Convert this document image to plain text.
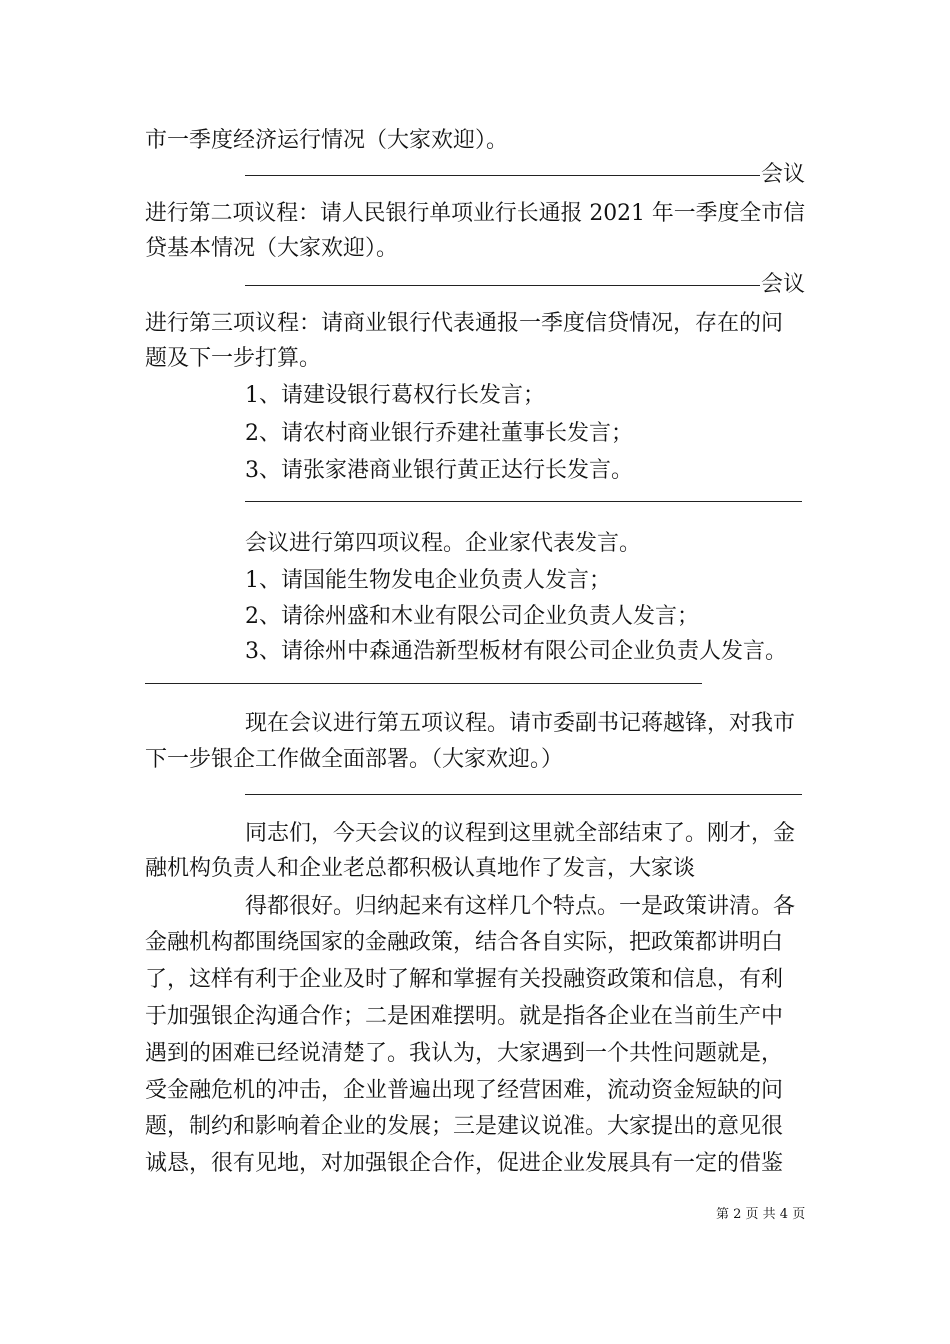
市一季度经济运行情况（大家欢迎）。
会议
进行第二项议程：请人民银行单项业行长通报 2021 年一季度全市信
贷基本情况（大家欢迎）。
会议
进行第三项议程：请商业银行代表通报一季度信贷情况，存在的问
题及下一步打算。
1、请建设银行葛权行长发言；
2、请农村商业银行乔建社董事长发言；
3、请张家港商业银行黄正达行长发言。
会议进行第四项议程。企业家代表发言。
1、请国能生物发电企业负责人发言；
2、请徐州盛和木业有限公司企业负责人发言；
3、请徐州中森通浩新型板材有限公司企业负责人发言。
现在会议进行第五项议程。请市委副书记蒋越锋，对我市
下一步银企工作做全面部署。（大家欢迎。）
同志们，今天会议的议程到这里就全部结束了。刚才，金
融机构负责人和企业老总都积极认真地作了发言，大家谈
得都很好。归纳起来有这样几个特点。一是政策讲清。各
金融机构都围绕国家的金融政策，结合各自实际，把政策都讲明白
了，这样有利于企业及时了解和掌握有关投融资政策和信息，有利
于加强银企沟通合作；二是困难摆明。就是指各企业在当前生产中
遇到的困难已经说清楚了。我认为，大家遇到一个共性问题就是，
受金融危机的冲击，企业普遍出现了经营困难，流动资金短缺的问
题，制约和影响着企业的发展；三是建议说准。大家提出的意见很
诚恳，很有见地，对加强银企合作，促进企业发展具有一定的借鉴
第 2 页 共 4 页
